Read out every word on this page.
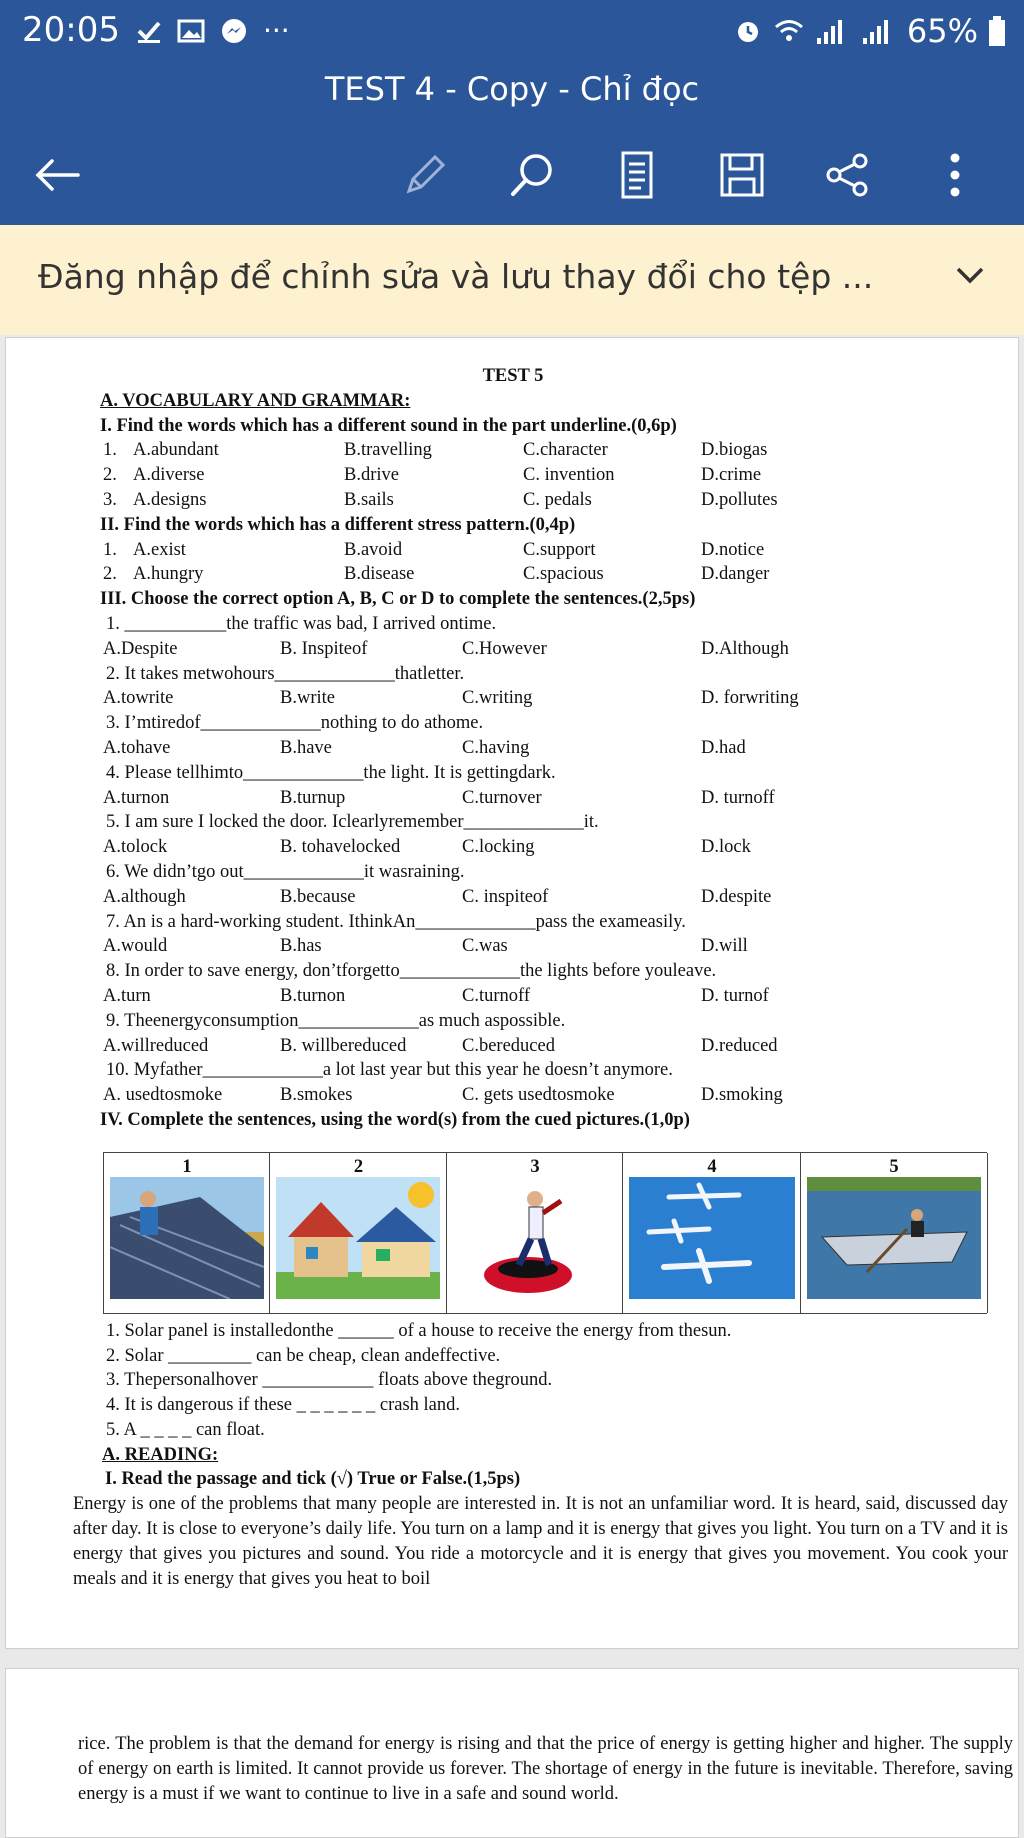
20:05	···	65%
TEST 4 - Copy - Chỉ đọc
Đăng nhập để chỉnh sửa và lưu thay đổi cho tệp ...
TEST 5
A. VOCABULARY AND GRAMMAR:
I. Find the words which has a different sound in the part underline.(0,6p)
1. A.abundant	B.travelling	C.character	D.biogas
2. A.diverse	B.drive	C. invention	D.crime
3. A.designs	B.sails	C. pedals	D.pollutes
II. Find the words which has a different stress pattern.(0,4p)
1. A.exist	B.avoid	C.support	D.notice
2. A.hungry	B.disease	C.spacious	D.danger
III. Choose the correct option A, B, C or D to complete the sentences.(2,5ps)
1. ___________the traffic was bad, I arrived ontime.
A.Despite	B. Inspiteof	C.However	D.Although
2. It takes metwohours_____________thatletter.
A.towrite	B.write	C.writing	D. forwriting
3. I’mtiredof_____________nothing to do athome.
A.tohave	B.have	C.having	D.had
4. Please tellhimto_____________the light. It is gettingdark.
A.turnon	B.turnup	C.turnover	D. turnoff
5. I am sure I locked the door. Iclearlyremember_____________it.
A.tolock	B. tohavelocked	C.locking	D.lock
6. We didn’tgo out_____________it wasraining.
A.although	B.because	C. inspiteof	D.despite
7. An is a hard-working student. IthinkAn_____________pass the exameasily.
A.would	B.has	C.was	D.will
8. In order to save energy, don’tforgetto_____________the lights before youleave.
A.turn	B.turnon	C.turnoff	D. turnof
9. Theenergyconsumption_____________as much aspossible.
A.willreduced	B. willbereduced	C.bereduced	D.reduced
10. Myfather_____________a lot last year but this year he doesn’t anymore.
A. usedtosmoke	B.smokes	C. gets usedtosmoke	D.smoking
IV. Complete the sentences, using the word(s) from the cued pictures.(1,0p)
1	2	3	4	5
1. Solar panel is installedonthe ______ of a house to receive the energy from thesun.
2. Solar _________ can be cheap, clean andeffective.
3. Thepersonalhover ____________ floats above theground.
4. It is dangerous if these _ _ _ _ _ _ crash land.
5. A _ _ _ _ can float.
A. READING:
I. Read the passage and tick (√) True or False.(1,5ps)
Energy is one of the problems that many people are interested in. It is not an unfamiliar word. It is heard, said, discussed day after day. It is close to everyone’s daily life. You turn on a lamp and it is energy that gives you light. You turn on a TV and it is energy that gives you pictures and sound. You ride a motorcycle and it is energy that gives you movement. You cook your meals and it is energy that gives you heat to boil
rice. The problem is that the demand for energy is rising and that the price of energy is getting higher and higher. The supply of energy on earth is limited. It cannot provide us forever. The shortage of energy in the future is inevitable. Therefore, saving energy is a must if we want to continue to live in a safe and sound world.
